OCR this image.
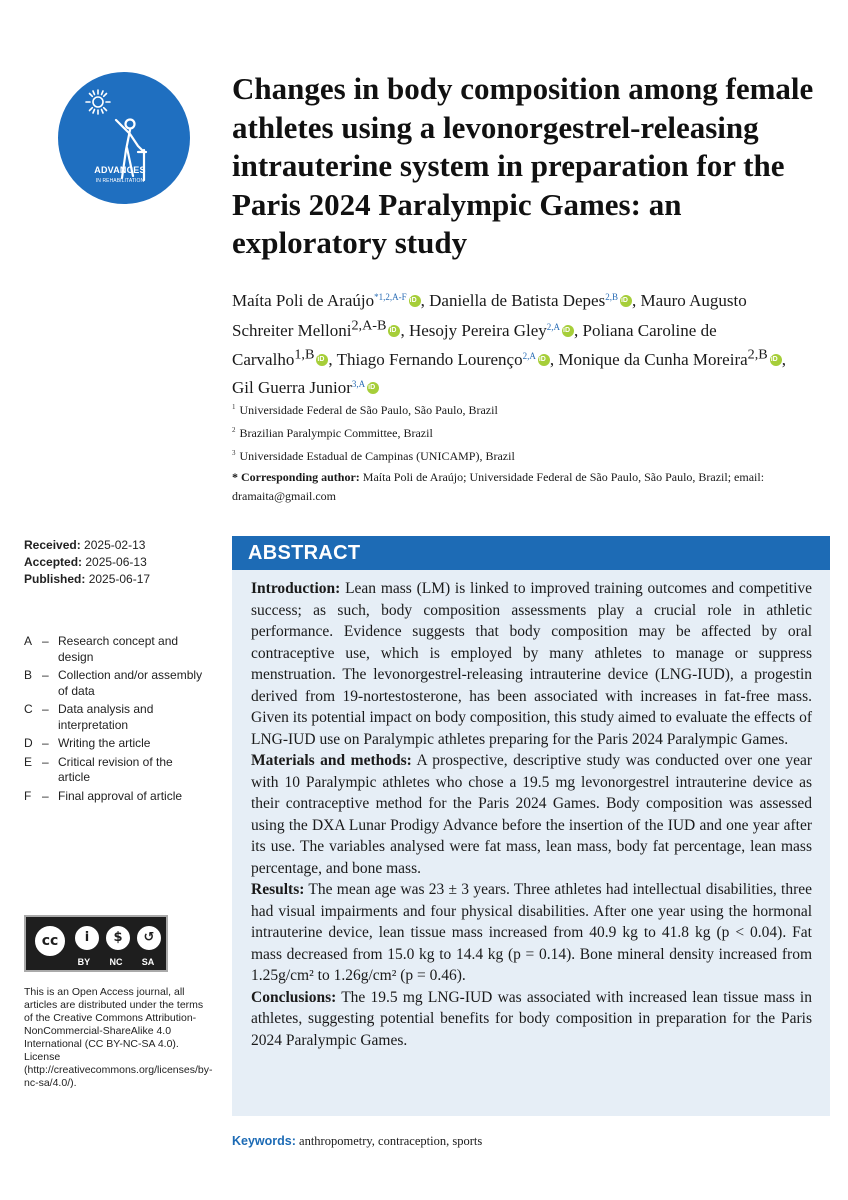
ADVANCES
IN REHABILITATION
Changes in body composition among female athletes using a levonorgestrel-releasing intrauterine system in preparation for the Paris 2024 Paralympic Games: an exploratory study
Maíta Poli de Araújo$^{*1,2,A-F}$ iD , Daniella de Batista Depes$^{2,B}$ iD , Mauro Augusto Schreiter Melloni$^{2,A-B}$ iD , Hesojy Pereira Gley$^{2,A}$ iD , Poliana Caroline de Carvalho$^{1,B}$ iD , Thiago Fernando Lourenço$^{2,A}$ iD , Monique da Cunha Moreira$^{2,B}$ iD , Gil Guerra Junior$^{3,A}$iD
$^1$ Universidade Federal de São Paulo, São Paulo, Brazil
$^2$ Brazilian Paralympic Committee, Brazil
$^3$ Universidade Estadual de Campinas (UNICAMP), Brazil
* Corresponding author: Maíta Poli de Araújo; Universidade Federal de São Paulo, São Paulo, Brazil; email: dramaita@gmail.com
Received: 2025-02-13
Accepted: 2025-06-13
Published: 2025-06-17
A – Research concept and design
B – Collection and/or assembly of data
C – Data analysis and interpretation
D – Writing the article
E – Critical revision of the article
F – Final approval of article
cc	i	$	↺
BY NC SA
This is an Open Access journal, all articles are distributed under the terms of the Creative Commons Attribution-NonCommercial-ShareAlike 4.0 International (CC BY-NC-SA 4.0). License (http://creativecommons.org/licenses/by-nc-sa/4.0/).
ABSTRACT

Introduction: Lean mass (LM) is linked to improved training outcomes and competitive success; as such, body composition assessments play a crucial role in athletic performance. Evidence suggests that body composition may be affected by oral contraceptive use, which is employed by many athletes to manage or suppress menstruation. The levonorgestrel-releasing intrauterine device (LNG-IUD), a progestin derived from 19-nortestosterone, has been associated with increases in fat-free mass. Given its potential impact on body composition, this study aimed to evaluate the effects of LNG-IUD use on Paralympic athletes preparing for the Paris 2024 Paralympic Games.

Materials and methods: A prospective, descriptive study was conducted over one year with 10 Paralympic athletes who chose a 19.5 mg levonorgestrel intrauterine device as their contraceptive method for the Paris 2024 Games. Body composition was assessed using the DXA Lunar Prodigy Advance before the insertion of the IUD and one year after its use. The variables analysed were fat mass, lean mass, body fat percentage, lean mass percentage, and bone mass.

Results: The mean age was 23 ± 3 years. Three athletes had intellectual disabilities, three had visual impairments and four physical disabilities. After one year using the hormonal intrauterine device, lean tissue mass increased from 40.9 kg to 41.8 kg (p < 0.04). Fat mass decreased from 15.0 kg to 14.4 kg (p = 0.14). Bone mineral density increased from 1.25g/cm² to 1.26g/cm² (p = 0.46).

Conclusions: The 19.5 mg LNG-IUD was associated with increased lean tissue mass in athletes, suggesting potential benefits for body composition in preparation for the Paris 2024 Paralympic Games.

Keywords: anthropometry, contraception, sports
